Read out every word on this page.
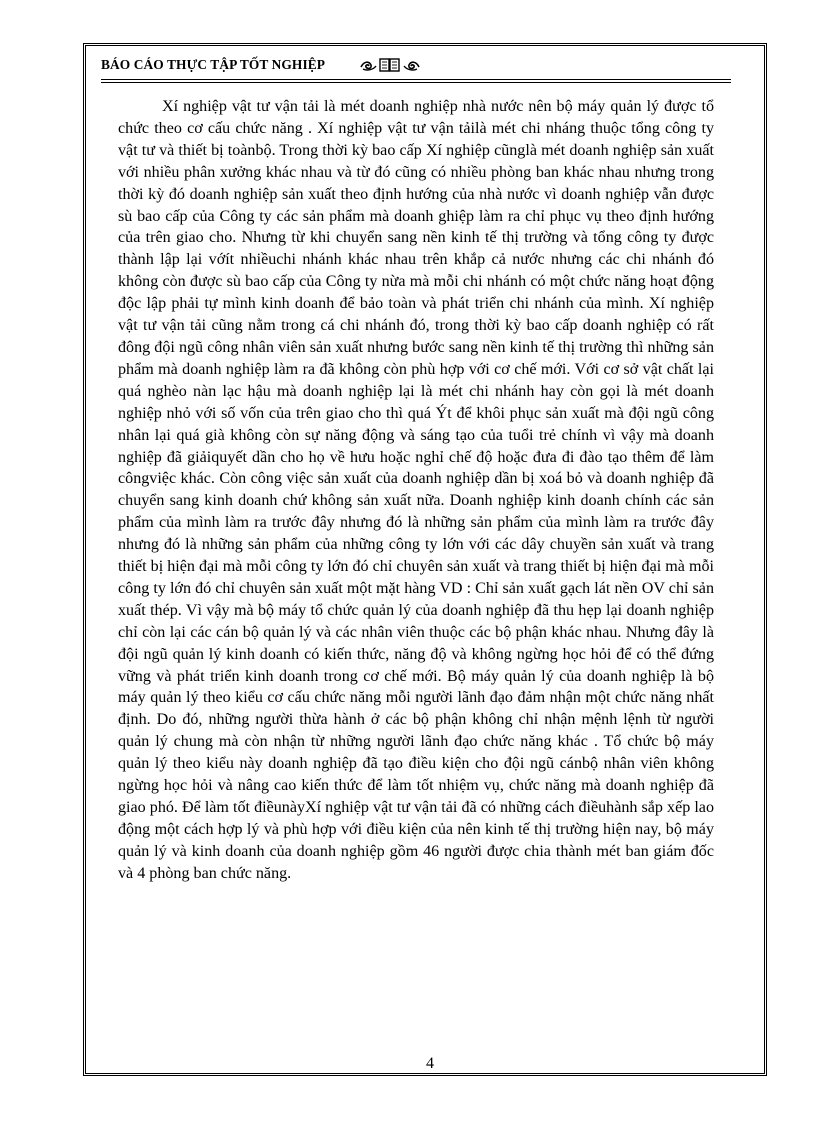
BÁO CÁO THỰC TẬP TỐT NGHIỆP

Xí nghiệp vật tư vận tải là mét doanh nghiệp nhà nước nên bộ máy quản lý được tổ chức theo cơ cấu chức năng . Xí nghiệp vật tư vận tảilà mét chi nháng thuộc tổng công ty vật tư và thiết bị toànbộ. Trong thời kỳ bao cấp Xí nghiệp cũnglà mét doanh nghiệp sản xuất với nhiều phân xưởng khác nhau và từ đó cũng có nhiều phòng ban khác nhau nhưng trong thời kỳ đó doanh nghiệp sản xuất theo định hướng của nhà nước vì doanh nghiệp vẫn được sù bao cấp của Công ty các sản phẩm mà doanh ghiệp làm ra chỉ phục vụ theo định hướng của trên giao cho. Nhưng từ khi chuyển sang nền kinh tế thị trường và tổng công ty được thành lập lại vớít nhiềuchi nhánh khác nhau trên khắp cả nước nhưng các chi nhánh đó không còn được sù bao cấp của Công ty nừa mà mỗi chi nhánh có một chức năng hoạt động độc lập phải tự mình kinh doanh để bảo toàn và phát triển chi nhánh của mình. Xí nghiệp vật tư vận tải cũng nằm trong cá chi nhánh đó, trong thời kỳ bao cấp doanh nghiệp có rất đông đội ngũ công nhân viên sản xuất nhưng bước sang nền kinh tế thị trường thì những sản phẩm mà doanh nghiệp làm ra đã không còn phù hợp với cơ chế mới. Với cơ sở vật chất lại quá nghèo nàn lạc hậu mà doanh nghiệp lại là mét chi nhánh hay còn gọi là mét doanh nghiệp nhỏ với số vốn của trên giao cho thì quá Ýt để khôi phục sản xuất mà đội ngũ công nhân lại quá già không còn sự năng động và sáng tạo của tuổi trẻ chính vì vậy mà doanh nghiệp đã giảiquyết dần cho họ về hưu hoặc nghỉ chế độ hoặc đưa đi đào tạo thêm để làm côngviệc khác. Còn công việc sản xuất của doanh nghiệp dần bị xoá bỏ và doanh nghiệp đã chuyển sang kinh doanh chứ không sản xuất nữa. Doanh nghiệp kinh doanh chính các sản phẩm của mình làm ra trước đây nhưng đó là những sản phẩm của mình làm ra trước đây nhưng đó là những sản phẩm của những công ty lớn với các dây chuyền sản xuất và trang thiết bị hiện đại mà mỗi công ty lớn đó chỉ chuyên sản xuất và trang thiết bị hiện đại mà mỗi công ty lớn đó chỉ chuyên sản xuất một mặt hàng VD : Chỉ sản xuất gạch lát nền OV chỉ sản xuất thép. Vì vậy mà bộ máy tổ chức quản lý của doanh nghiệp đã thu hẹp lại doanh nghiệp chỉ còn lại các cán bộ quản lý và các nhân viên thuộc các bộ phận khác nhau. Nhưng đây là đội ngũ quản lý kinh doanh có kiến thức, năng độ và không ngừng học hỏi để có thể đứng vững và phát triển kinh doanh trong cơ chế mới. Bộ máy quản lý của doanh nghiệp là bộ máy quản lý theo kiểu cơ cấu chức năng mỗi người lãnh đạo đảm nhận một chức năng nhất định. Do đó, những người thừa hành ở các bộ phận không chỉ nhận mệnh lệnh từ người quản lý chung mà còn nhận từ những người lãnh đạo chức năng khác . Tổ chức bộ máy quản lý theo kiểu này doanh nghiệp đã tạo điều kiện cho đội ngũ cánbộ nhân viên không ngừng học hỏi và nâng cao kiến thức để làm tốt nhiệm vụ, chức năng mà doanh nghiệp đã giao phó. Để làm tốt điềunàyXí nghiệp vật tư vận tải đã có những cách điềuhành sắp xếp lao động một cách hợp lý và phù hợp với điều kiện của nên kinh tế thị trường hiện nay, bộ máy quản lý và kinh doanh của doanh nghiệp gồm 46 người được chia thành mét ban giám đốc và 4 phòng ban chức năng.

4
